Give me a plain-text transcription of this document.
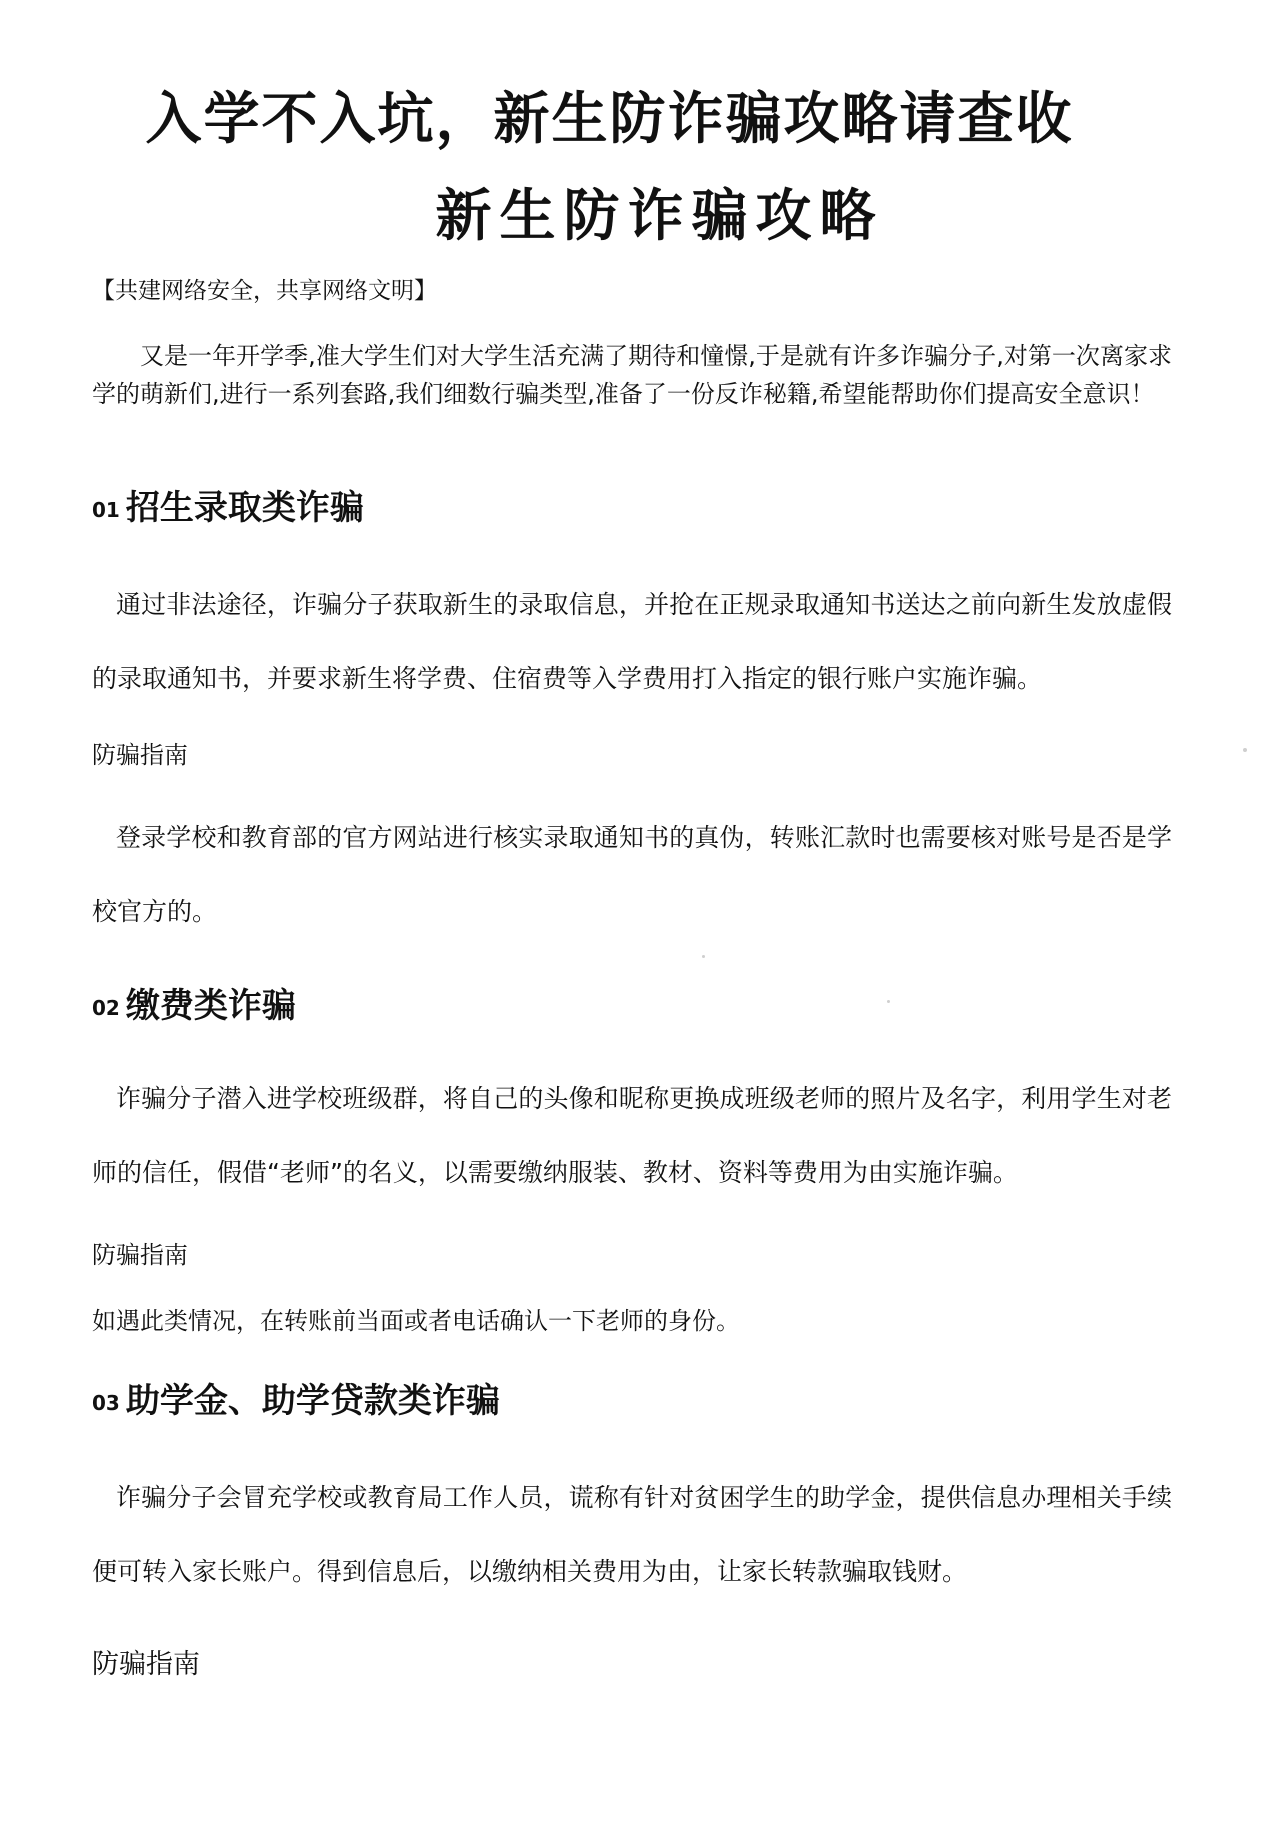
入学不入坑，新生防诈骗攻略请查收
新生防诈骗攻略
【共建网络安全，共享网络文明】
又是一年开学季,准大学生们对大学生活充满了期待和憧憬,于是就有许多诈骗分子,对第一次离家求学的萌新们,进行一系列套路,我们细数行骗类型,准备了一份反诈秘籍,希望能帮助你们提高安全意识！
01 招生录取类诈骗
通过非法途径，诈骗分子获取新生的录取信息，并抢在正规录取通知书送达之前向新生发放虚假的录取通知书，并要求新生将学费、住宿费等入学费用打入指定的银行账户实施诈骗。
防骗指南
登录学校和教育部的官方网站进行核实录取通知书的真伪，转账汇款时也需要核对账号是否是学校官方的。
02 缴费类诈骗
诈骗分子潜入进学校班级群，将自己的头像和昵称更换成班级老师的照片及名字，利用学生对老师的信任，假借“老师”的名义，以需要缴纳服装、教材、资料等费用为由实施诈骗。
防骗指南
如遇此类情况，在转账前当面或者电话确认一下老师的身份。
03 助学金、助学贷款类诈骗
诈骗分子会冒充学校或教育局工作人员，谎称有针对贫困学生的助学金，提供信息办理相关手续便可转入家长账户。得到信息后，以缴纳相关费用为由，让家长转款骗取钱财。
防骗指南
